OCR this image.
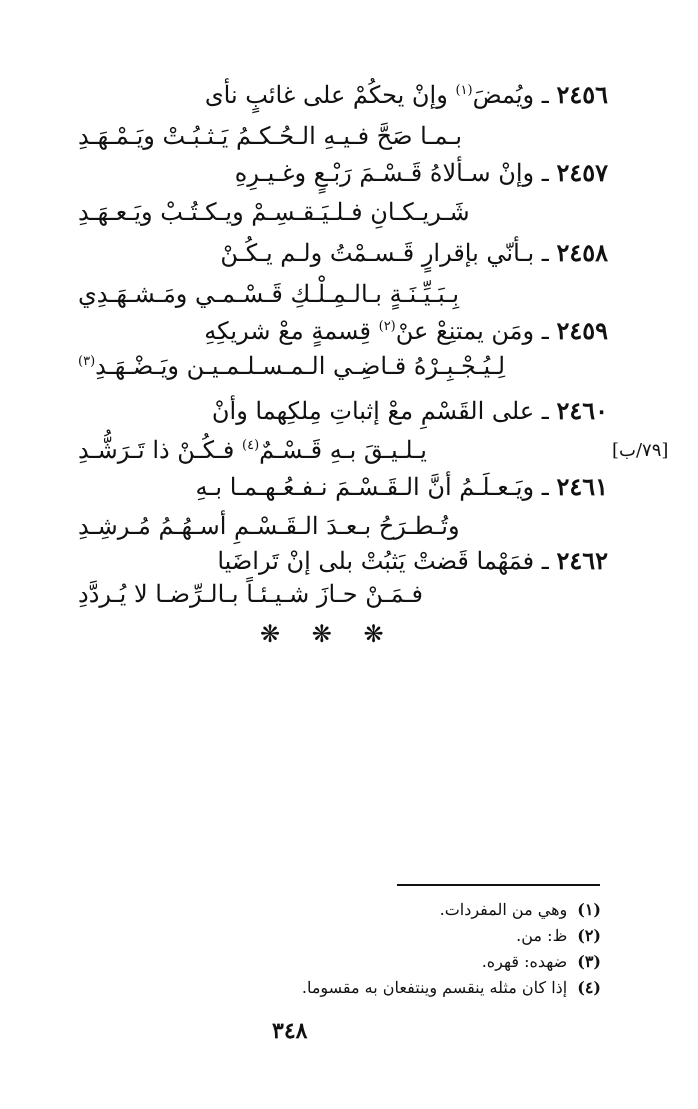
٢٤٥٦ ـ ويُمضَ$^{(١)}$ وإنْ يحكُمْ على غائبٍ نأى
بـمـا صَحَّ فـيـهِ الـحُـكـمُ يَـثـبُـتْ ويَـمْـهَـدِ
٢٤٥٧ ـ وإنْ سـألاهُ قَـسْـمَ رَبْـعٍ وغـيـرِهِ
شَـريـكـانِ فـلـيَـقـسِـمْ ويـكـتُـبْ ويَـعـهَـدِ
٢٤٥٨ ـ بـأنّي بإقرارٍ قَـسـمْتُ ولـم يـكُـنْ
بِـبَـيِّـنَـةٍ بـالـمِـلْـكِ قَـسْـمـي ومَـشـهَـدِي
٢٤٥٩ ـ ومَن يمتنِعْ عنْ$^{(٢)}$ قِسمةٍ معْ شريكِهِ
لِـيُـجْـبِـرْهُ قـاضِـي الـمـسـلـمـيـن ويَـضْـهَـدِ$^{(٣)}$
٢٤٦٠ ـ على القَسْمِ معْ إثباتِ مِلكِهما وأنْ
يـلـيـقَ بـهِ قَـسْـمٌ$^{(٤)}$ فـكُـنْ ذا تَـرَشُّـدِ	[٧٩/ب]
٢٤٦١ ـ ويَـعـلَـمُ أنَّ الـقَـسْـمَ نـفـعُـهـمـا بـهِ
وتُـطـرَحُ بـعـدَ الـقَـسْـمِ أسـهُـمُ مُـرشِـدِ
٢٤٦٢ ـ فمَهْما قَضتْ يَثبُتْ بلى إنْ تَراضَيا
فـمَـنْ حـازَ شـيـئـاً بـالـرِّضـا لا يُـردَّدِ
❋ ❋ ❋
(١)وهي من المفردات.
(٢)ظ: من.
(٣)ضهده: قهره.
(٤)إذا كان مثله ينقسم وينتفعان به مقسوما.
٣٤٨
